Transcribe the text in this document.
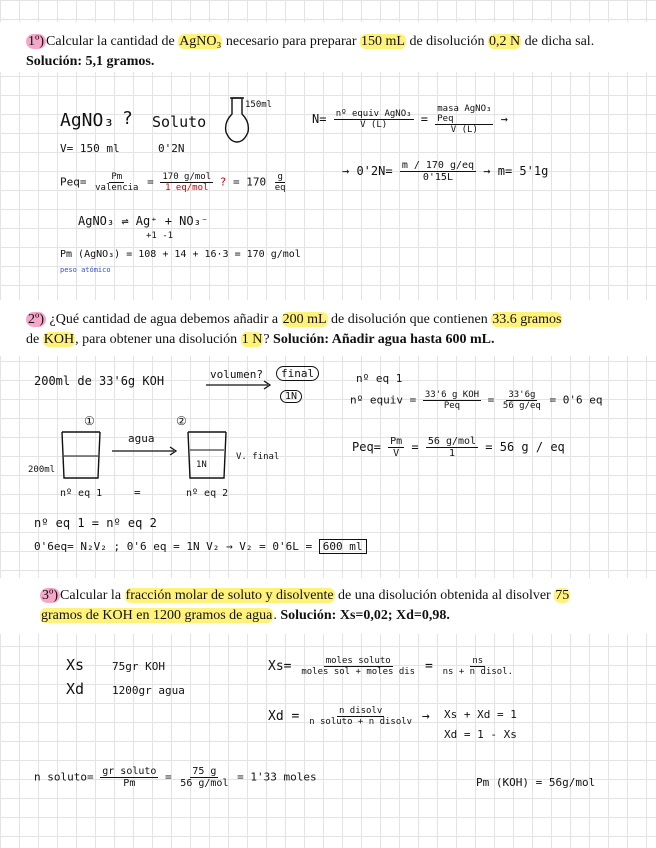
1º) Calcular la cantidad de AgNO₃ necesario para preparar 150 mL de disolución 0,2 N de dicha sal. Solución: 5,1 gramos.
AgNO₃ ? Soluto
150ml
V= 150 ml	0'2N
$N= \frac{\text{nº equiv AgNO₃}}{V (L)}$ =
masa AgNO₃
Peq
V (L)
→
→ $0'2N= \frac{m / 170 g/eq}{0'15L} \to m= 5'1g$
$Peq= \frac{Pm}{\text{valencia}} = \frac{\text{170 g/mol}}{\text{1 eq/mol}}$ ? = $170 \frac{g}{eq}$
AgNO₃ ⇌ Ag⁺ + NO₃⁻
+1 -1
Pm (AgNO₃) = 108 + 14 + 16·3 = 170 g/mol
peso atómico
2º) ¿Qué cantidad de agua debemos añadir a 200 mL de disolución que contienen 33.6 gramos
de KOH, para obtener una disolución 1 N? Solución: Añadir agua hasta 600 mL.
200ml de 33'6g KOH	volumen?	final
1N
nº eq 1
nº equiv = $\frac{\text{33'6 g KOH}}{\text{Peq}} = \frac{33'6g}{56 g/eq} = 0'6$ eq
①	②
200ml
agua
1N
V. final
nº eq 1	=	nº eq 2
$Peq= \frac{Pm}{V} = \frac{\text{56 g/mol}}{1} = 56$ g / eq
nº eq 1 = nº eq 2
0'6eq= N₂V₂ ; 0'6 eq = 1N V₂ → V₂ = 0'6L = 600 ml
3º) Calcular la fracción molar de soluto y disolvente de una disolución obtenida al disolver 75
gramos de KOH en 1200 gramos de agua. Solución: Xs=0,02; Xd=0,98.
Xs	75gr KOH
Xd	1200gr agua
$Xs= \frac{\text{moles soluto}}{\text{moles sol + moles dis}} = \frac{ns}{\text{ns + n disol.}}$
$Xd = \frac{\text{n disolv}}{\text{n soluto + n disolv}} \to Xs + Xd = 1$
Xd = 1 - Xs
n soluto= $\frac{\text{gr soluto}}{Pm} = \frac{75 g}{\text{56 g/mol}} = 1'33$ moles	Pm (KOH) = 56g/mol
